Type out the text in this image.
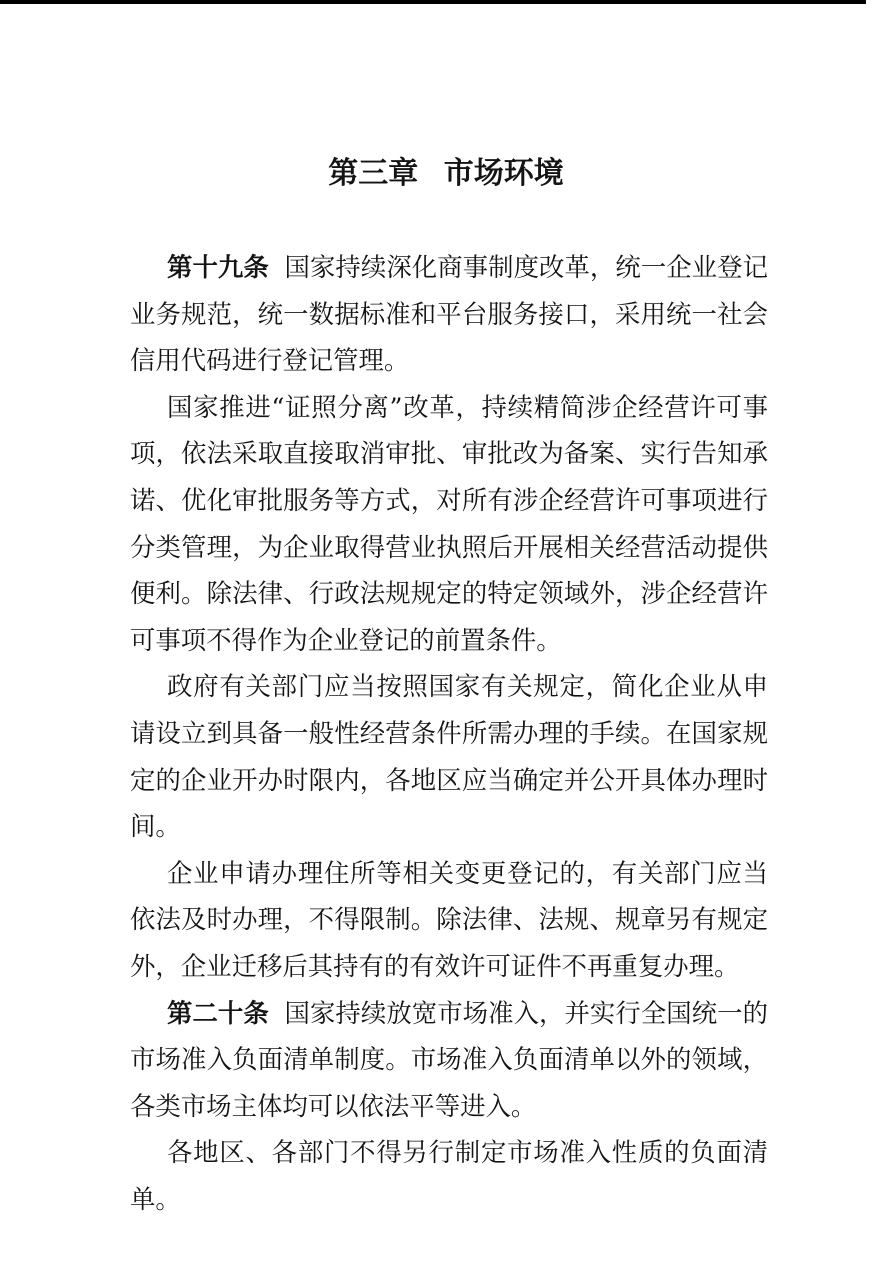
第三章 市场环境

第十九条 国家持续深化商事制度改革，统一企业登记业务规范，统一数据标准和平台服务接口，采用统一社会信用代码进行登记管理。

国家推进“证照分离”改革，持续精简涉企经营许可事项，依法采取直接取消审批、审批改为备案、实行告知承诺、优化审批服务等方式，对所有涉企经营许可事项进行分类管理，为企业取得营业执照后开展相关经营活动提供便利。除法律、行政法规规定的特定领域外，涉企经营许可事项不得作为企业登记的前置条件。

政府有关部门应当按照国家有关规定，简化企业从申请设立到具备一般性经营条件所需办理的手续。在国家规定的企业开办时限内，各地区应当确定并公开具体办理时间。

企业申请办理住所等相关变更登记的，有关部门应当依法及时办理，不得限制。除法律、法规、规章另有规定外，企业迁移后其持有的有效许可证件不再重复办理。

第二十条 国家持续放宽市场准入，并实行全国统一的市场准入负面清单制度。市场准入负面清单以外的领域，各类市场主体均可以依法平等进入。

各地区、各部门不得另行制定市场准入性质的负面清单。
